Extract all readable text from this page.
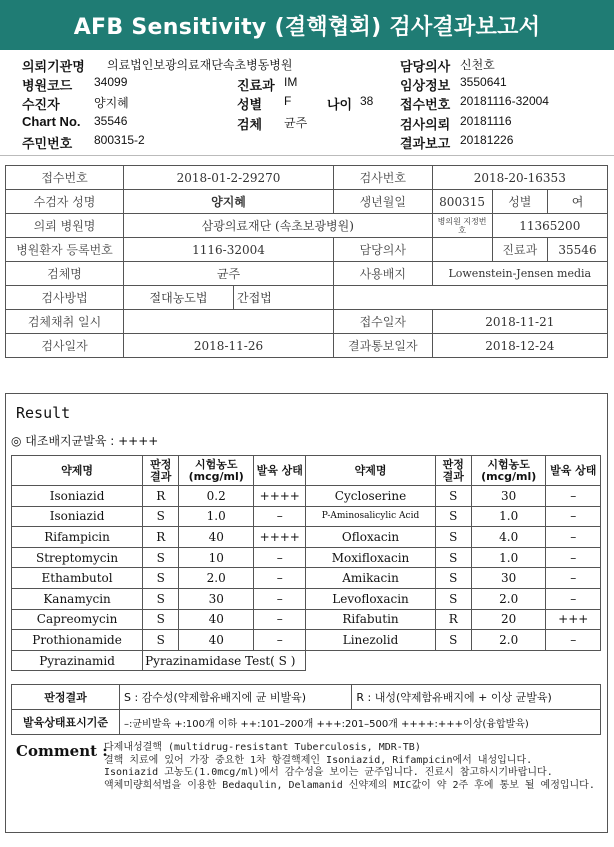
AFB Sensitivity (결핵협회) 검사결과보고서
의뢰기관명 의료법인보광의료재단속초병동병원	담당의사 신천호
병원코드 34099	진료과 IM	임상정보 3550641
수진자	양지혜	성별 F	나이 38 접수번호 20181116-32004
Chart No. 35546	검체 균주	검사의뢰 20181116
주민번호 800315-2	결과보고 20181226
접수번호	2018-01-2-29270		검사번호	2018-20-16353		
수검자 성명	양지혜		생년월일	800315	성별	여
의뢰 병원명	삼광의료재단 (속초보광병원)			병의원 지정번호	11365200	
병원환자 등록번호	1116-32004		담당의사		진료과	35546
검체명	균주		사용배지	Lowenstein-Jensen media		
검사방법	절대농도법	간접법				
검체채취 일시			접수일자	2018-11-21		
검사일자	2018-11-26		결과통보일자	2018-12-24		
Result
◎ 대조배지균발육 : ++++
약제명	판정 결과	시험농도 (mcg/ml)	발육 상태	약제명	판정 결과	시험농도 (mcg/ml)	발육 상태
Isoniazid	R	0.2	++++	Cycloserine	S	30	–
Isoniazid	S	1.0	–	P-Aminosalicylic Acid	S	1.0	–
Rifampicin	R	40	++++	Ofloxacin	S	4.0	–
Streptomycin	S	10	–	Moxifloxacin	S	1.0	–
Ethambutol	S	2.0	–	Amikacin	S	30	–
Kanamycin	S	30	–	Levofloxacin	S	2.0	–
Capreomycin	S	40	–	Rifabutin	R	20	+++
Prothionamide	S	40	–	Linezolid	S	2.0	–
Pyrazinamid	Pyrazinamidase Test( S )						
판정결과	S : 감수성(약제함유배지에 균 비발육)	R : 내성(약제함유배지에 + 이상 균발육)
발육상태표시기준	–:균비발육 +:100개 이하 ++:101–200개 +++:201–500개 ++++:+++이상(융합발육)	
Comment :
다제내성결핵 (multidrug-resistant Tuberculosis, MDR-TB)
결핵 치료에 있어 가장 중요한 1차 항결핵제인 Isoniazid, Rifampicin에서 내성입니다.
Isoniazid 고농도(1.0mcg/ml)에서 감수성을 보이는 균주입니다. 진료시 참고하시기바랍니다.
액체미량희석법을 이용한 Bedaqulin, Delamanid 신약제의 MIC값이 약 2주 후에 통보 될 예정입니다.
